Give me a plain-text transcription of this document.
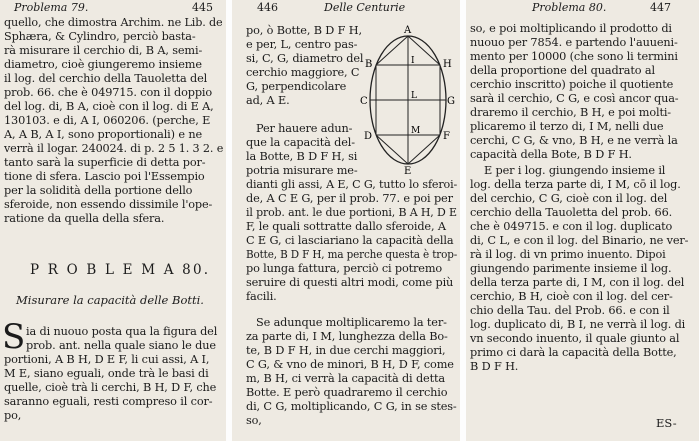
Problema 79.	445
quello, che dimostra Archim. ne Lib. de
Sphæra, & Cylindro, perciò basta-
rà misurare il cerchio di, B A, semi-
diametro, cioè giungeremo insieme
il log. del cerchio della Tauoletta del
prob. 66. che è 049715. con il doppio
del log. di, B A, cioè con il log. di E A,
130103. e di, A I, 060206. (perche, E
A, A B, A I, sono proportionali) e ne
verrà il logar. 240024. di p. 2 5 1. 3 2. e
tanto sarà la superficie di detta por-
tione di sfera. Lascio poi l'Essempio
per la solidità della portione dello
sferoide, non essendo dissimile l'ope-
ratione da quella della sfera.
P R O B L E M A 80.
Misurare la capacità delle Botti.
S ia di nuouo posta qua la figura del
prob. ant. nella quale siano le due
portioni, A B H, D E F, li cui assi, A I,
M E, siano eguali, onde trà le basi di
quelle, cioè trà li cerchi, B H, D F, che
saranno eguali, resti compreso il cor-
po,
446	Delle Centurie
po, ò Botte, B D F H,
e per, L, centro pas-
si, C, G, diametro del
cerchio maggiore, C
G, perpendicolare
ad, A E.
Per hauere adun-
que la capacità del-
la Botte, B D F H, si
potria misurare me-
dianti gli assi, A E, C G, tutto lo sferoi-
de, A C E G, per il prob. 77. e poi per
il prob. ant. le due portioni, B A H, D E
F, le quali sottratte dallo sferoide, A
C E G, ci lasciariano la capacità della
Botte, B D F H, ma perche questa è trop-
po lunga fattura, perciò ci potremo
seruire di questi altri modi, come più
facili.
Se adunque moltiplicaremo la ter-
za parte di, I M, lunghezza della Bo-
te, B D F H, in due cerchi maggiori,
C G, & vno de minori, B H, D F, come
m, B H, ci verrà la capacità di detta
Botte. E però quadraremo il cerchio
di, C G, moltiplicando, C G, in se stes-
so,
A
B	I	H
C	L	G
D	M F
E
Problema 80.	447
so, e poi moltiplicando il prodotto di
nuouo per 7854. e partendo l'auueni-
mento per 10000 (che sono li termini
della proportione del quadrato al
cerchio inscritto) poiche il quotiente
sarà il cerchio, C G, e così ancor qua-
draremo il cerchio, B H, e poi molti-
plicaremo il terzo di, I M, nelli due
cerchi, C G, & vno, B H, e ne verrà la
capacità della Bote, B D F H.
E per i log. giungendo insieme il
log. della terza parte di, I M, cō il log.
del cerchio, C G, cioè con il log. del
cerchio della Tauoletta del prob. 66.
che è 049715. e con il log. duplicato
di, C L, e con il log. del Binario, ne ver-
rà il log. di vn primo inuento. Dipoi
giungendo parimente insieme il log.
della terza parte di, I M, con il log. del
cerchio, B H, cioè con il log. del cer-
chio della Tau. del Prob. 66. e con il
log. duplicato di, B I, ne verrà il log. di
vn secondo inuento, il quale giunto al
primo ci darà la capacità della Botte,
B D F H.
ES-
